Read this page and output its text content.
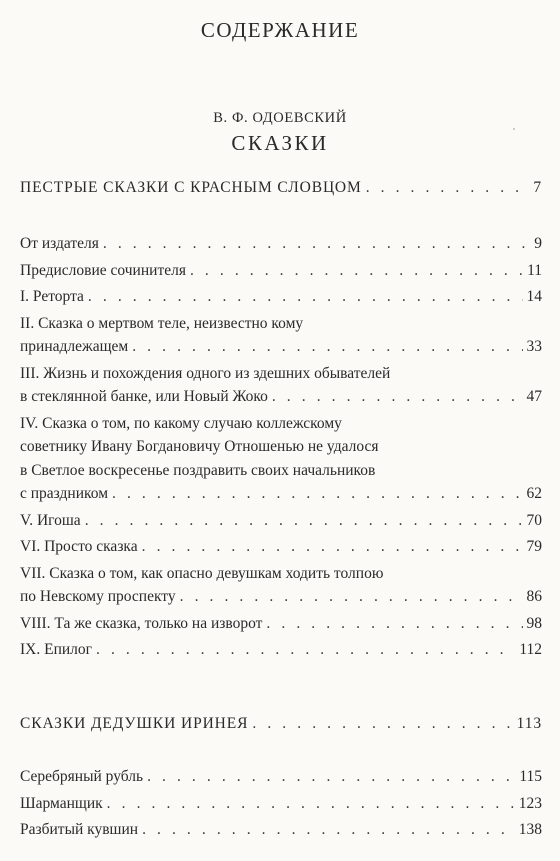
СОДЕРЖАНИЕ
В. Ф. ОДОЕВСКИЙ
СКАЗКИ
ПЕСТРЫЕ СКАЗКИ С КРАСНЫМ СЛОВЦОМ . . .	7
От издателя . . .	9
Предисловие сочинителя . . .	11
I. Реторта . . .	14
II. Сказка о мертвом теле, неизвестно кому
принадлежащем . . .	33
III. Жизнь и похождения одного из здешних обывателей
в стеклянной банке, или Новый Жоко . . .	47
IV. Сказка о том, по какому случаю коллежскому
советнику Ивану Богдановичу Отношенью не удалося
в Светлое воскресенье поздравить своих начальников
с праздником . . .	62
V. Игоша . . .	70
VI. Просто сказка . . .	79
VII. Сказка о том, как опасно девушкам ходить толпою
по Невскому проспекту . . .	86
VIII. Та же сказка, только на изворот . . .	98
IX. Епилог . . .	112
СКАЗКИ ДЕДУШКИ ИРИНЕЯ . . .	113
Серебряный рубль . . .	115
Шарманщик . . .	123
Разбитый кувшин . . .	138
